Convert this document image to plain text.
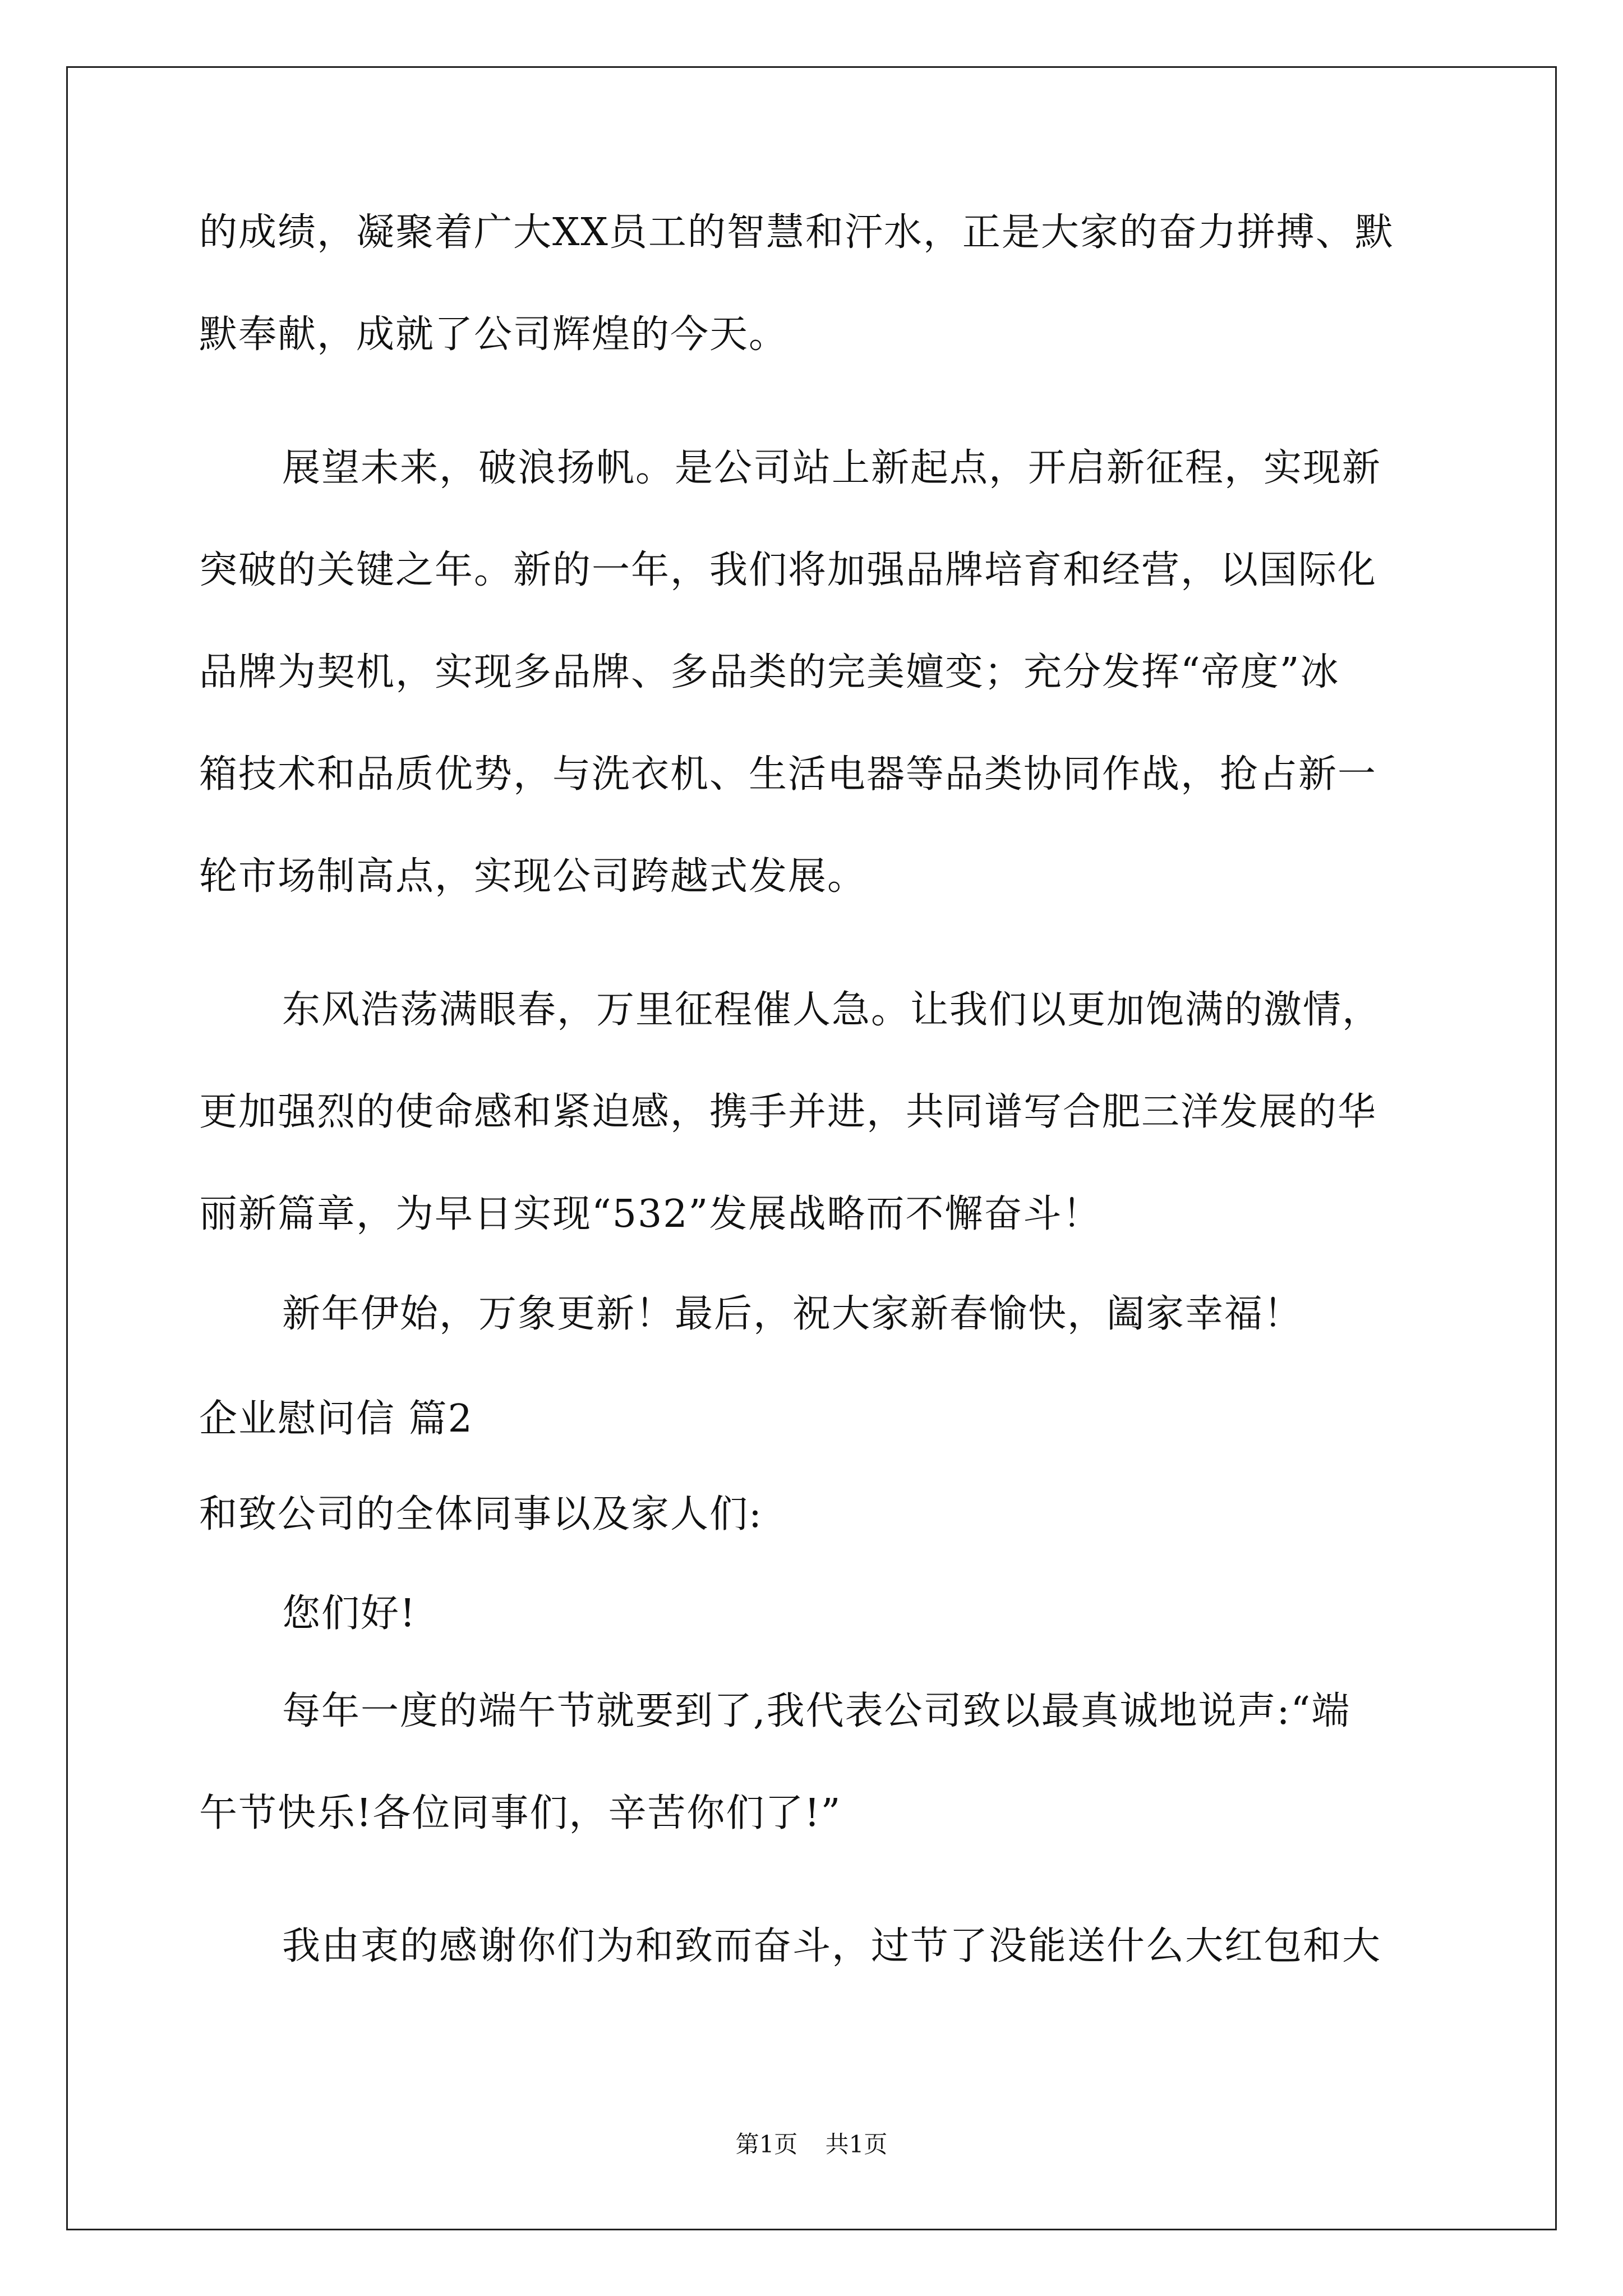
的成绩，凝聚着广大XX员工的智慧和汗水，正是大家的奋力拼搏、默
默奉献，成就了公司辉煌的今天。
展望未来，破浪扬帆。是公司站上新起点，开启新征程，实现新
突破的关键之年。新的一年，我们将加强品牌培育和经营，以国际化
品牌为契机，实现多品牌、多品类的完美嬗变；充分发挥“帝度”冰
箱技术和品质优势，与洗衣机、生活电器等品类协同作战，抢占新一
轮市场制高点，实现公司跨越式发展。
东风浩荡满眼春，万里征程催人急。让我们以更加饱满的激情，
更加强烈的使命感和紧迫感，携手并进，共同谱写合肥三洋发展的华
丽新篇章，为早日实现“532”发展战略而不懈奋斗！
新年伊始，万象更新！最后，祝大家新春愉快，阖家幸福！
企业慰问信 篇2
和致公司的全体同事以及家人们:
您们好!
每年一度的端午节就要到了,我代表公司致以最真诚地说声:“端
午节快乐!各位同事们，辛苦你们了!”
我由衷的感谢你们为和致而奋斗，过节了没能送什么大红包和大
第1页 共1页
